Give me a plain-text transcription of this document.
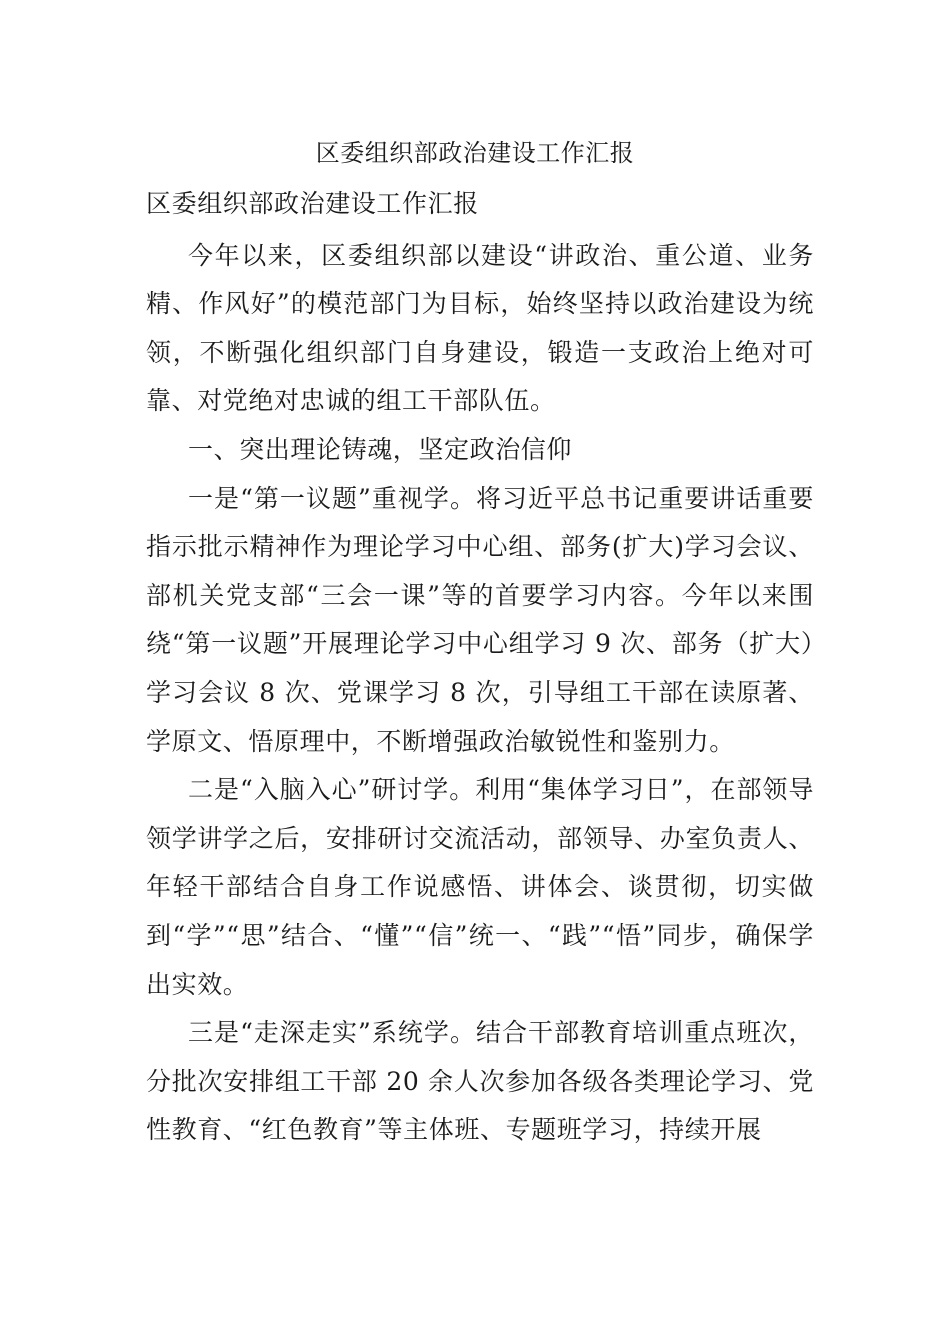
区委组织部政治建设工作汇报

区委组织部政治建设工作汇报

今年以来，区委组织部以建设“讲政治、重公道、业务精、作风好”的模范部门为目标，始终坚持以政治建设为统领，不断强化组织部门自身建设，锻造一支政治上绝对可靠、对党绝对忠诚的组工干部队伍。

一、突出理论铸魂，坚定政治信仰

一是“第一议题”重视学。将习近平总书记重要讲话重要指示批示精神作为理论学习中心组、部务(扩大)学习会议、部机关党支部“三会一课”等的首要学习内容。今年以来围绕“第一议题”开展理论学习中心组学习 9 次、部务（扩大）学习会议 8 次、党课学习 8 次，引导组工干部在读原著、学原文、悟原理中，不断增强政治敏锐性和鉴别力。

二是“入脑入心”研讨学。利用“集体学习日”，在部领导领学讲学之后，安排研讨交流活动，部领导、办室负责人、年轻干部结合自身工作说感悟、讲体会、谈贯彻，切实做到“学”“思”结合、“懂”“信”统一、“践”“悟”同步，确保学出实效。

三是“走深走实”系统学。结合干部教育培训重点班次，分批次安排组工干部 20 余人次参加各级各类理论学习、党性教育、“红色教育”等主体班、专题班学习，持续开展
